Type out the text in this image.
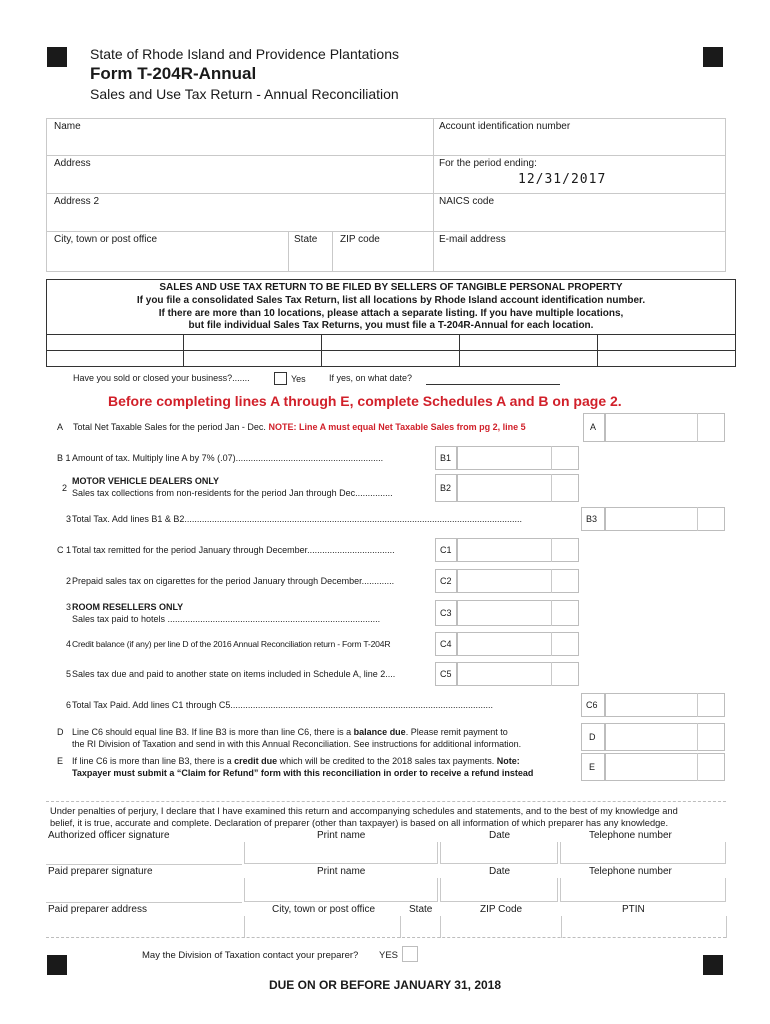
State of Rhode Island and Providence Plantations
Form T-204R-Annual
Sales and Use Tax Return - Annual Reconciliation
Name	Account identification number
Address	For the period ending:
12/31/2017
Address 2	NAICS code
City, town or post office	State ZIP code	E-mail address
SALES AND USE TAX RETURN TO BE FILED BY SELLERS OF TANGIBLE PERSONAL PROPERTY
If you file a consolidated Sales Tax Return, list all locations by Rhode Island account identification number.
If there are more than 10 locations, please attach a separate listing. If you have multiple locations,
but file individual Sales Tax Returns, you must file a T-204R-Annual for each location.
Have you sold or closed your business?.......	Yes	If yes, on what date?
Before completing lines A through E, complete Schedules A and B on page 2.
A Total Net Taxable Sales for the period Jan - Dec. NOTE: Line A must equal Net Taxable Sales from pg 2, line 5	A
B 1 Amount of tax. Multiply line A by 7% (.07)...........................................................	B1
2
MOTOR VEHICLE DEALERS ONLY
Sales tax collections from non-residents for the period Jan through Dec...............	B2
3 Total Tax. Add lines B1 & B2.......................................................................................................................................	B3
C 1 Total tax remitted for the period January through December...................................	C1
2 Prepaid sales tax on cigarettes for the period January through December.............	C2
3 ROOM RESELLERS ONLY
Sales tax paid to hotels .....................................................................................
C3
4 Credit balance (if any) per line D of the 2016 Annual Reconciliation return - Form T-204R	C4
5 Sales tax due and paid to another state on items included in Schedule A, line 2....	C5
6 Total Tax Paid. Add lines C1 through C5.........................................................................................................	C6
D Line C6 should equal line B3. If line B3 is more than line C6, there is a balance due. Please remit payment to
the RI Division of Taxation and send in with this Annual Reconciliation. See instructions for additional information.
D
E If line C6 is more than line B3, there is a credit due which will be credited to the 2018 sales tax payments. Note:
Taxpayer must submit a “Claim for Refund” form with this reconciliation in order to receive a refund instead
E
Under penalties of perjury, I declare that I have examined this return and accompanying schedules and statements, and to the best of my knowledge and
belief, it is true, accurate and complete. Declaration of preparer (other than taxpayer) is based on all information of which preparer has any knowledge.
Authorized officer signature	Print name	Date	Telephone number
Paid preparer signature	Print name	Date	Telephone number
Paid preparer address	City, town or post office	State	ZIP Code	PTIN
May the Division of Taxation contact your preparer? YES
DUE ON OR BEFORE JANUARY 31, 2018
